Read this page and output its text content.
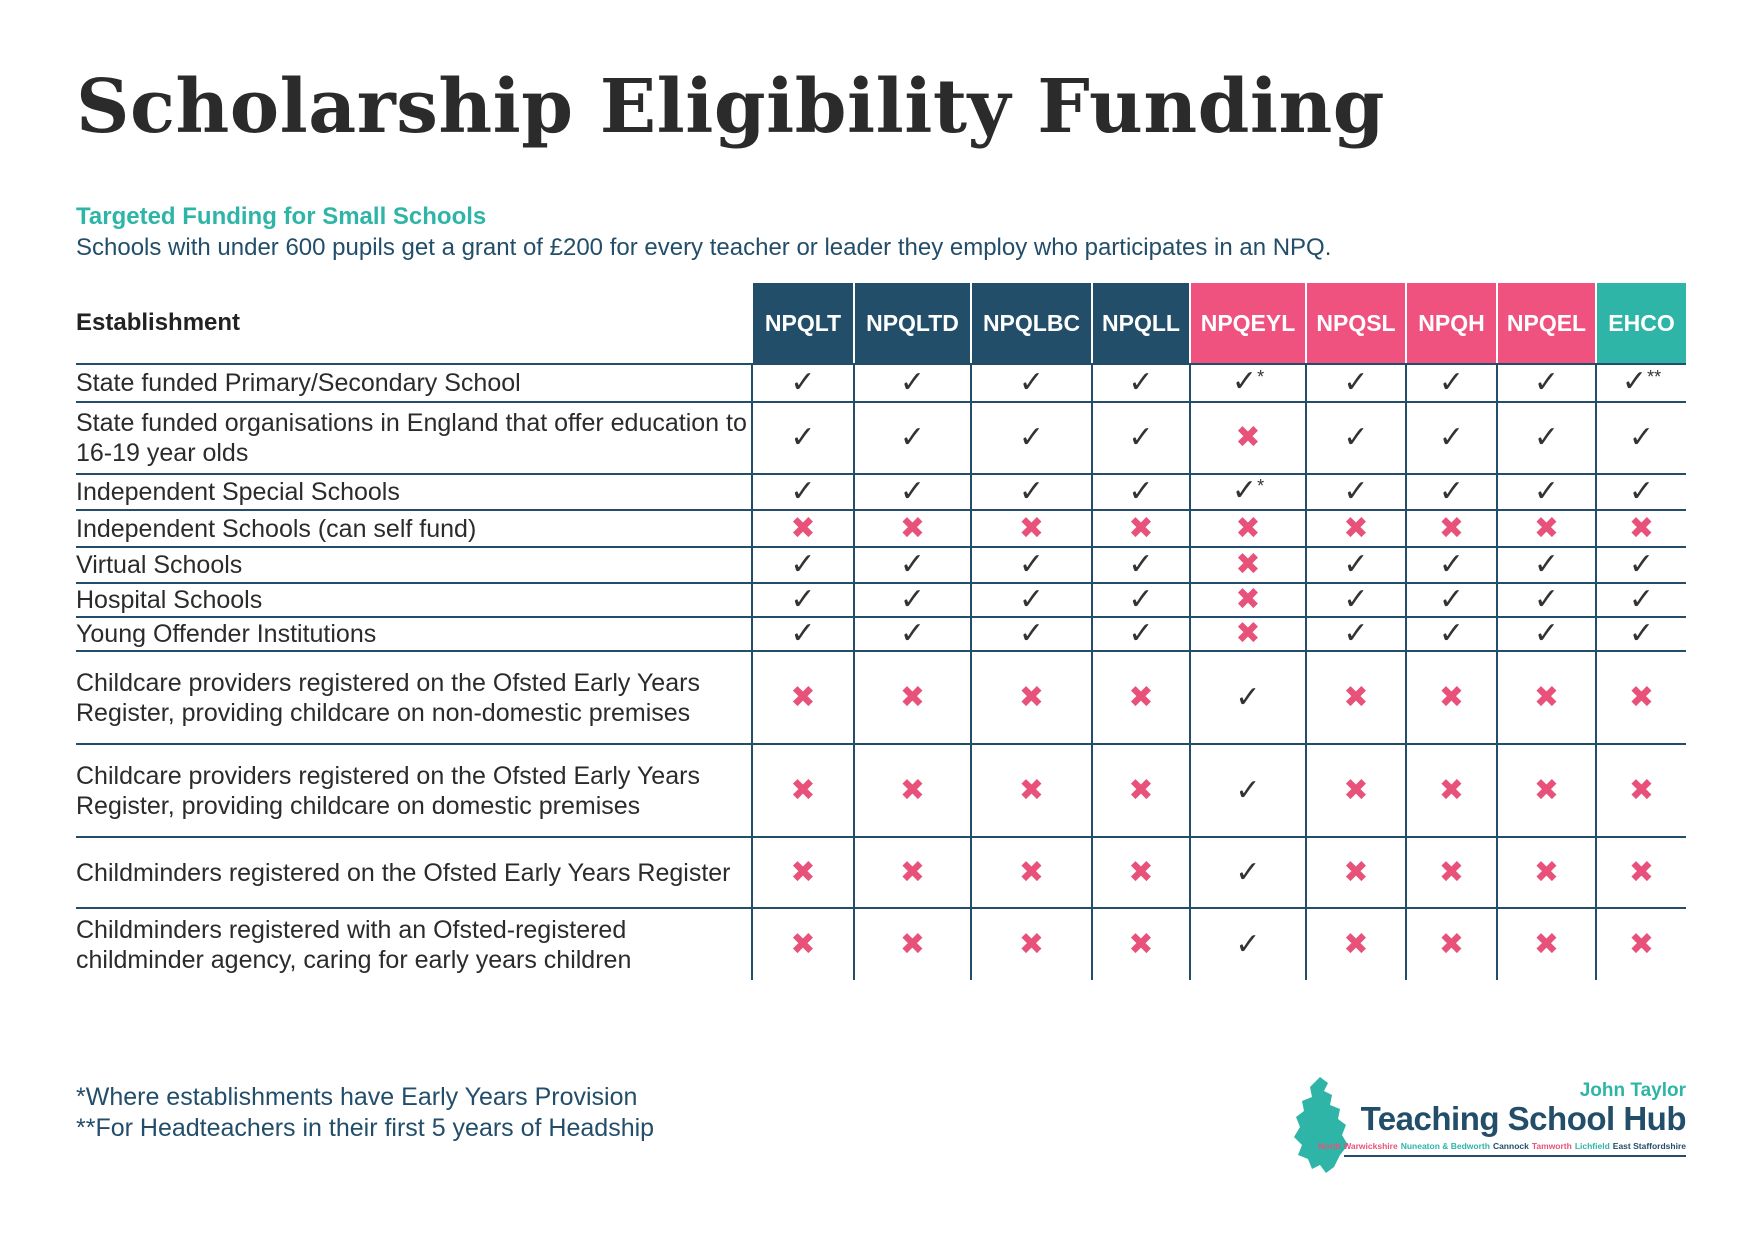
Scholarship Eligibility Funding
Targeted Funding for Small Schools
Schools with under 600 pupils get a grant of £200 for every teacher or leader they employ who participates in an NPQ.
Establishment	NPQLT	NPQLTD	NPQLBC	NPQLL	NPQEYL	NPQSL	NPQH	NPQEL	EHCO
State funded Primary/Secondary School	✓	✓	✓	✓	✓*	✓	✓	✓	✓**
State funded organisations in England that offer education to 16-19 year olds	✓	✓	✓	✓	✖	✓	✓	✓	✓
Independent Special Schools	✓	✓	✓	✓	✓*	✓	✓	✓	✓
Independent Schools (can self fund)	✖	✖	✖	✖	✖	✖	✖	✖	✖
Virtual Schools	✓	✓	✓	✓	✖	✓	✓	✓	✓
Hospital Schools	✓	✓	✓	✓	✖	✓	✓	✓	✓
Young Offender Institutions	✓	✓	✓	✓	✖	✓	✓	✓	✓
Childcare providers registered on the Ofsted Early Years Register, providing childcare on non-domestic premises	✖	✖	✖	✖	✓	✖	✖	✖	✖
Childcare providers registered on the Ofsted Early Years Register, providing childcare on domestic premises	✖	✖	✖	✖	✓	✖	✖	✖	✖
Childminders registered on the Ofsted Early Years Register	✖	✖	✖	✖	✓	✖	✖	✖	✖
Childminders registered with an Ofsted-registered childminder agency, caring for early years children	✖	✖	✖	✖	✓	✖	✖	✖	✖
*Where establishments have Early Years Provision
**For Headteachers in their first 5 years of Headship
John Taylor
Teaching School Hub
North Warwickshire Nuneaton & Bedworth Cannock Tamworth Lichfield East Staffordshire
